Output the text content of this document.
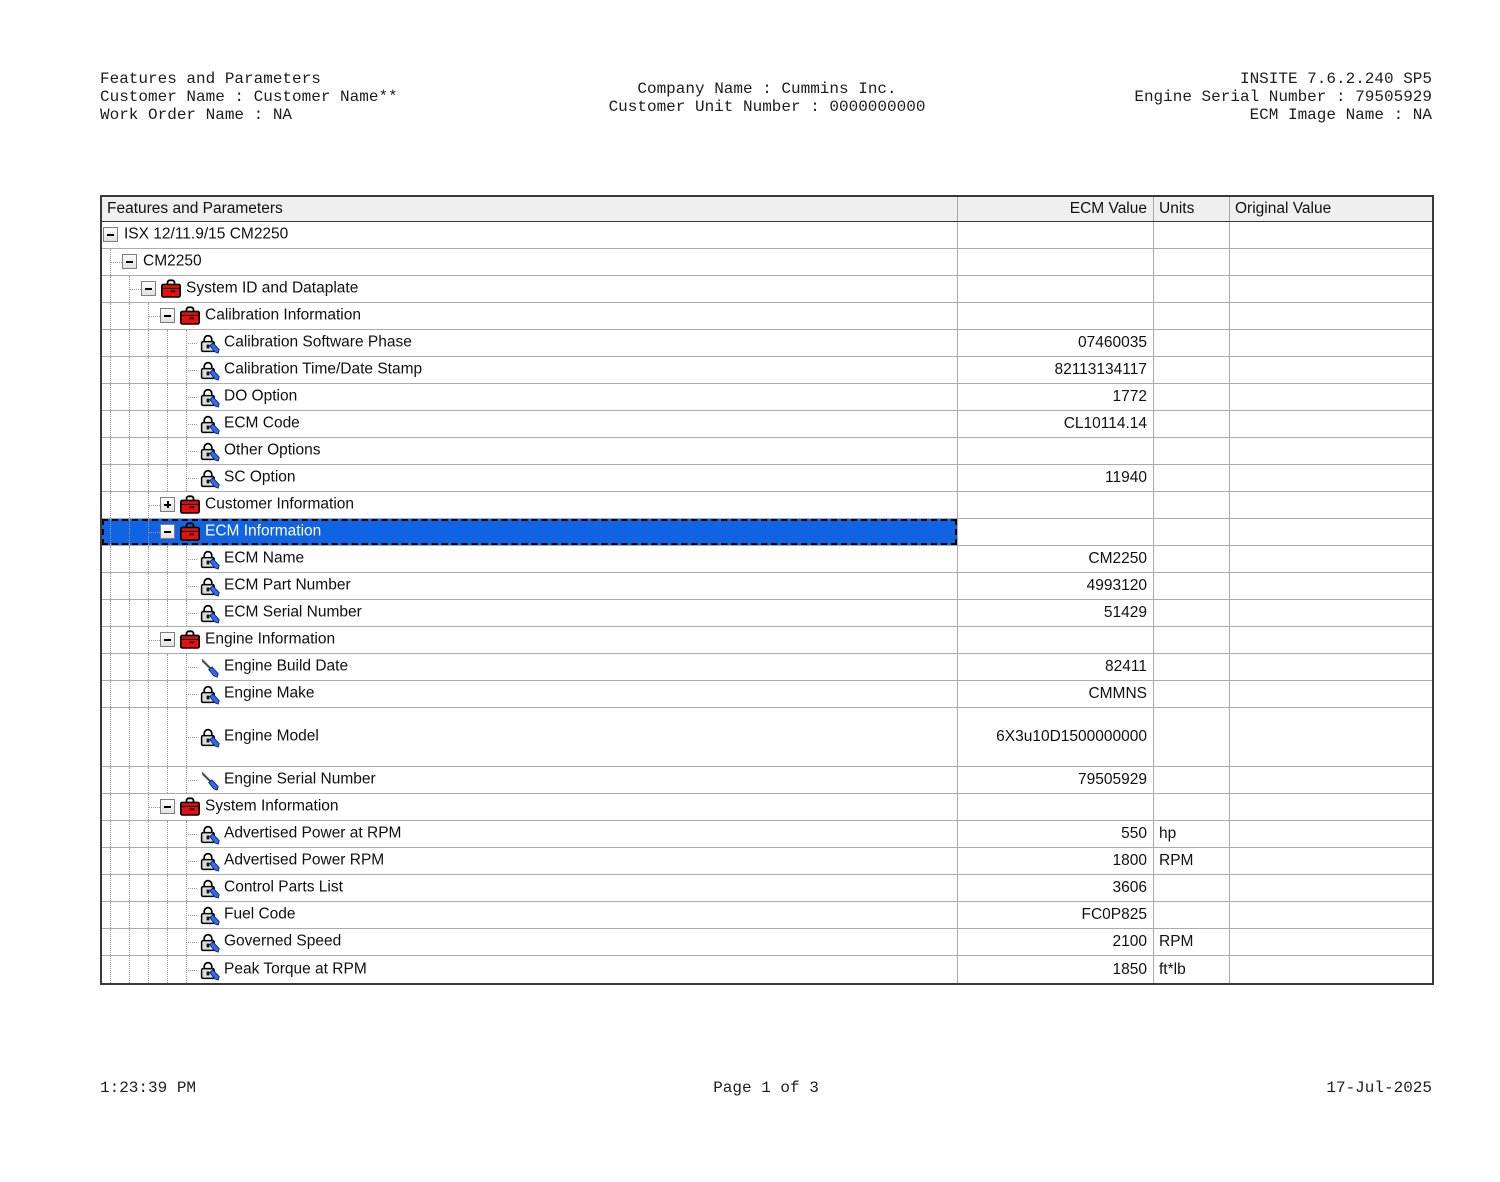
Features and Parameters
Customer Name : Customer Name**
Work Order Name : NA
Company Name : Cummins Inc.
Customer Unit Number : 0000000000
INSITE 7.6.2.240 SP5
Engine Serial Number : 79505929
ECM Image Name : NA
Features and Parameters	ECM Value Units	Original Value
ISX 12/11.9/15 CM2250
CM2250
System ID and Dataplate
Calibration Information
Calibration Software Phase	07460035
Calibration Time/Date Stamp	82113134117
DO Option	1772
ECM Code	CL10114.14
Other Options
SC Option	11940
Customer Information
ECM Information
ECM Name	CM2250
ECM Part Number	4993120
ECM Serial Number	51429
Engine Information
Engine Build Date	82411
Engine Make	CMMNS
Engine Model	6X3u10D1500000000
Engine Serial Number	79505929
System Information
Advertised Power at RPM	550 hp
Advertised Power RPM	1800 RPM
Control Parts List	3606
Fuel Code	FC0P825
Governed Speed	2100 RPM
Peak Torque at RPM	1850 ft*lb
1:23:39 PM	Page 1 of 3	17-Jul-2025
